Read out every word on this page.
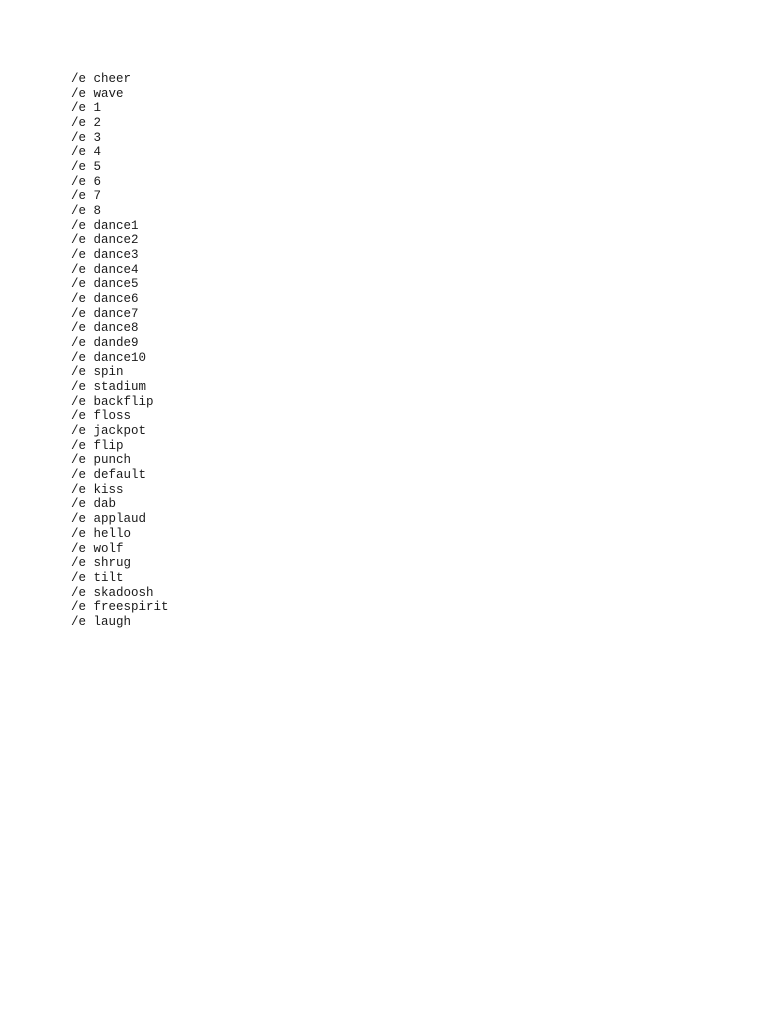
/e cheer
/e wave
/e 1
/e 2
/e 3
/e 4
/e 5
/e 6
/e 7
/e 8
/e dance1
/e dance2
/e dance3
/e dance4
/e dance5
/e dance6
/e dance7
/e dance8
/e dande9
/e dance10
/e spin
/e stadium
/e backflip
/e floss
/e jackpot
/e flip
/e punch
/e default
/e kiss
/e dab
/e applaud
/e hello
/e wolf
/e shrug
/e tilt
/e skadoosh
/e freespirit
/e laugh
